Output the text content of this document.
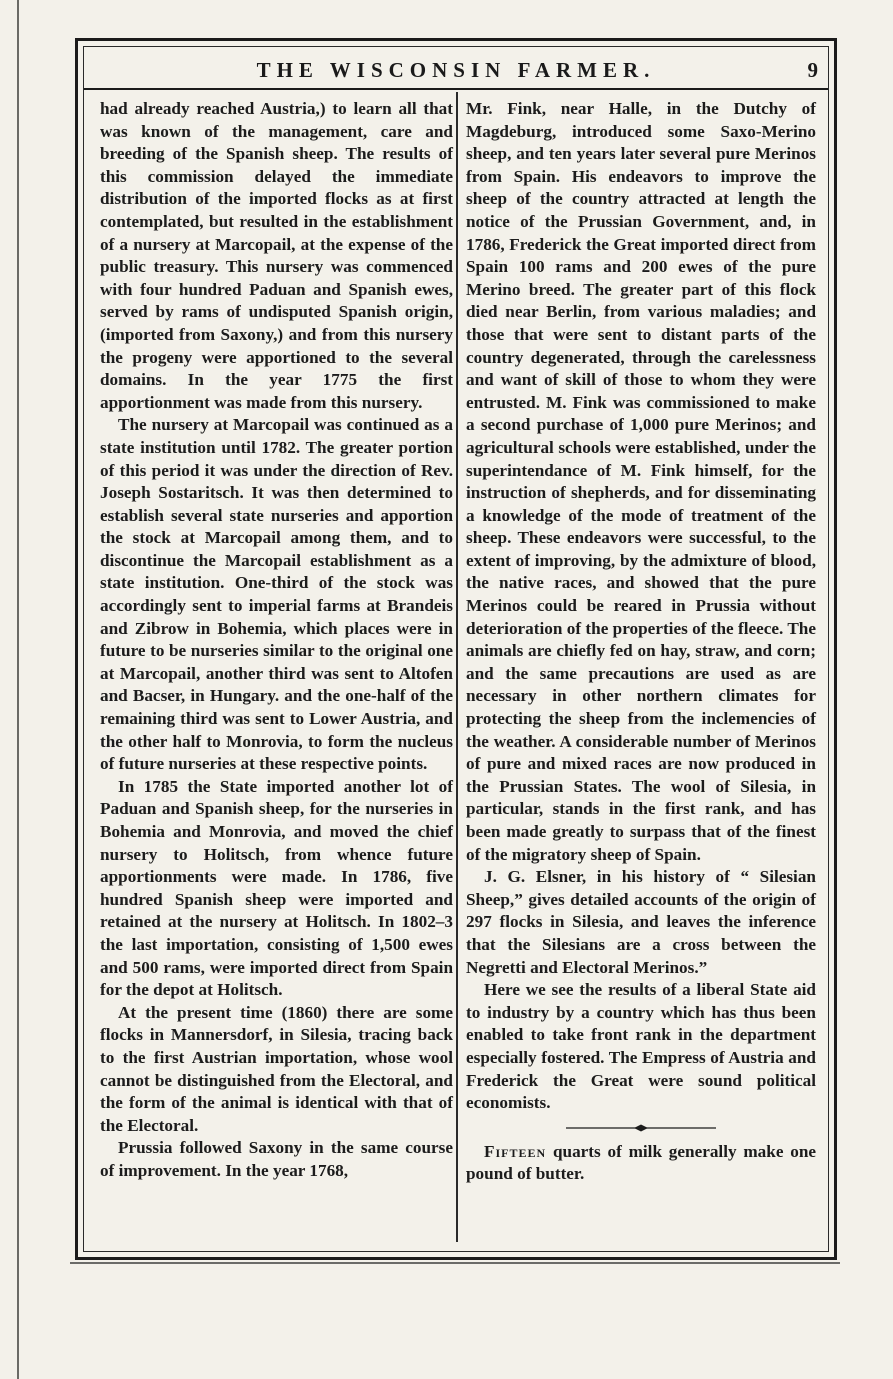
THE WISCONSIN FARMER.	9

had already reached Austria,) to learn all that was known of the management, care and breeding of the Spanish sheep. The results of this commission delayed the immediate distribution of the imported flocks as at first contemplated, but resulted in the establishment of a nursery at Marcopail, at the expense of the public treasury. This nursery was commenced with four hundred Paduan and Spanish ewes, served by rams of undisputed Spanish origin, (imported from Saxony,) and from this nursery the progeny were apportioned to the several domains. In the year 1775 the first apportionment was made from this nursery.

The nursery at Marcopail was continued as a state institution until 1782. The greater portion of this period it was under the direction of Rev. Joseph Sostaritsch. It was then determined to establish several state nurseries and apportion the stock at Marcopail among them, and to discontinue the Marcopail establishment as a state institution. One-third of the stock was accordingly sent to imperial farms at Brandeis and Zibrow in Bohemia, which places were in future to be nurseries similar to the original one at Marcopail, another third was sent to Altofen and Bacser, in Hungary. and the one-half of the remaining third was sent to Lower Austria, and the other half to Monrovia, to form the nucleus of future nurseries at these respective points.

In 1785 the State imported another lot of Paduan and Spanish sheep, for the nurseries in Bohemia and Monrovia, and moved the chief nursery to Holitsch, from whence future apportionments were made. In 1786, five hundred Spanish sheep were imported and retained at the nursery at Holitsch. In 1802–3 the last importation, consisting of 1,500 ewes and 500 rams, were imported direct from Spain for the depot at Holitsch.

At the present time (1860) there are some flocks in Mannersdorf, in Silesia, tracing back to the first Austrian importation, whose wool cannot be distinguished from the Electoral, and the form of the animal is identical with that of the Electoral.

Prussia followed Saxony in the same course of improvement. In the year 1768,

Mr. Fink, near Halle, in the Dutchy of Magdeburg, introduced some Saxo-Merino sheep, and ten years later several pure Merinos from Spain. His endeavors to improve the sheep of the country attracted at length the notice of the Prussian Government, and, in 1786, Frederick the Great imported direct from Spain 100 rams and 200 ewes of the pure Merino breed. The greater part of this flock died near Berlin, from various maladies; and those that were sent to distant parts of the country degenerated, through the carelessness and want of skill of those to whom they were entrusted. M. Fink was commissioned to make a second purchase of 1,000 pure Merinos; and agricultural schools were established, under the superintendance of M. Fink himself, for the instruction of shepherds, and for disseminating a knowledge of the mode of treatment of the sheep. These endeavors were successful, to the extent of improving, by the admixture of blood, the native races, and showed that the pure Merinos could be reared in Prussia without deterioration of the properties of the fleece. The animals are chiefly fed on hay, straw, and corn; and the same precautions are used as are necessary in other northern climates for protecting the sheep from the inclemencies of the weather. A considerable number of Merinos of pure and mixed races are now produced in the Prussian States. The wool of Silesia, in particular, stands in the first rank, and has been made greatly to surpass that of the finest of the migratory sheep of Spain.

J. G. Elsner, in his history of “ Silesian Sheep,” gives detailed accounts of the origin of 297 flocks in Silesia, and leaves the inference that the Silesians are a cross between the Negretti and Electoral Merinos.”

Here we see the results of a liberal State aid to industry by a country which has thus been enabled to take front rank in the department especially fostered. The Empress of Austria and Frederick the Great were sound political economists.

Fifteen quarts of milk generally make one pound of butter.
